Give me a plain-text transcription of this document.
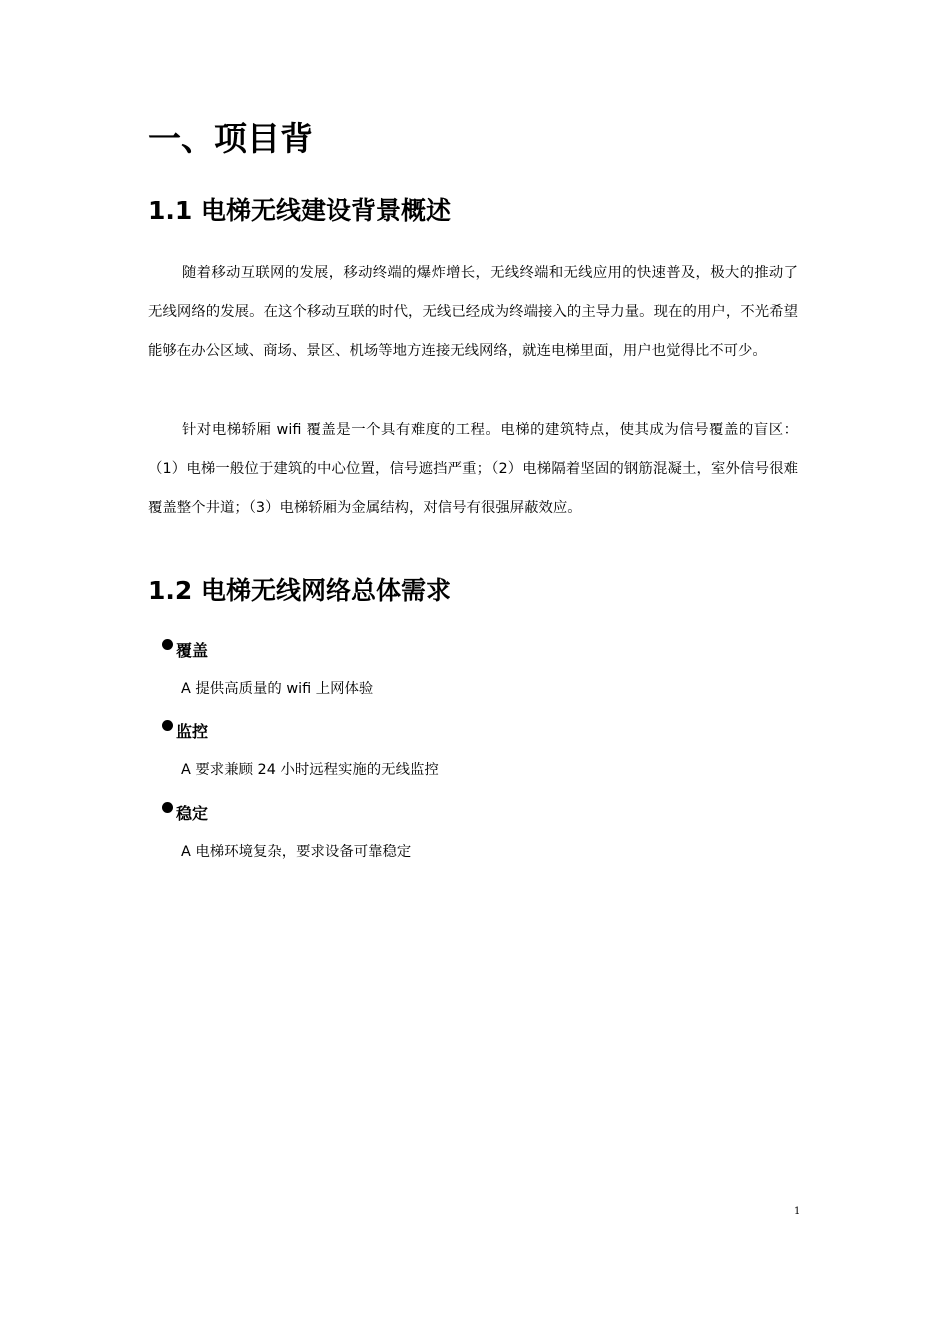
一、项目背
1.1 电梯无线建设背景概述

随着移动互联网的发展，移动终端的爆炸增长，无线终端和无线应用的快速普及，极大的推动了无线网络的发展。在这个移动互联的时代，无线已经成为终端接入的主导力量。现在的用户，不光希望能够在办公区域、商场、景区、机场等地方连接无线网络，就连电梯里面，用户也觉得比不可少。

针对电梯轿厢 wifi 覆盖是一个具有难度的工程。电梯的建筑特点，使其成为信号覆盖的盲区：（1）电梯一般位于建筑的中心位置，信号遮挡严重；（2）电梯隔着坚固的钢筋混凝土，室外信号很难覆盖整个井道；（3）电梯轿厢为金属结构，对信号有很强屏蔽效应。

1.2 电梯无线网络总体需求
覆盖
A 提供高质量的 wifi 上网体验
监控
A 要求兼顾 24 小时远程实施的无线监控
稳定
A 电梯环境复杂，要求设备可靠稳定
1
